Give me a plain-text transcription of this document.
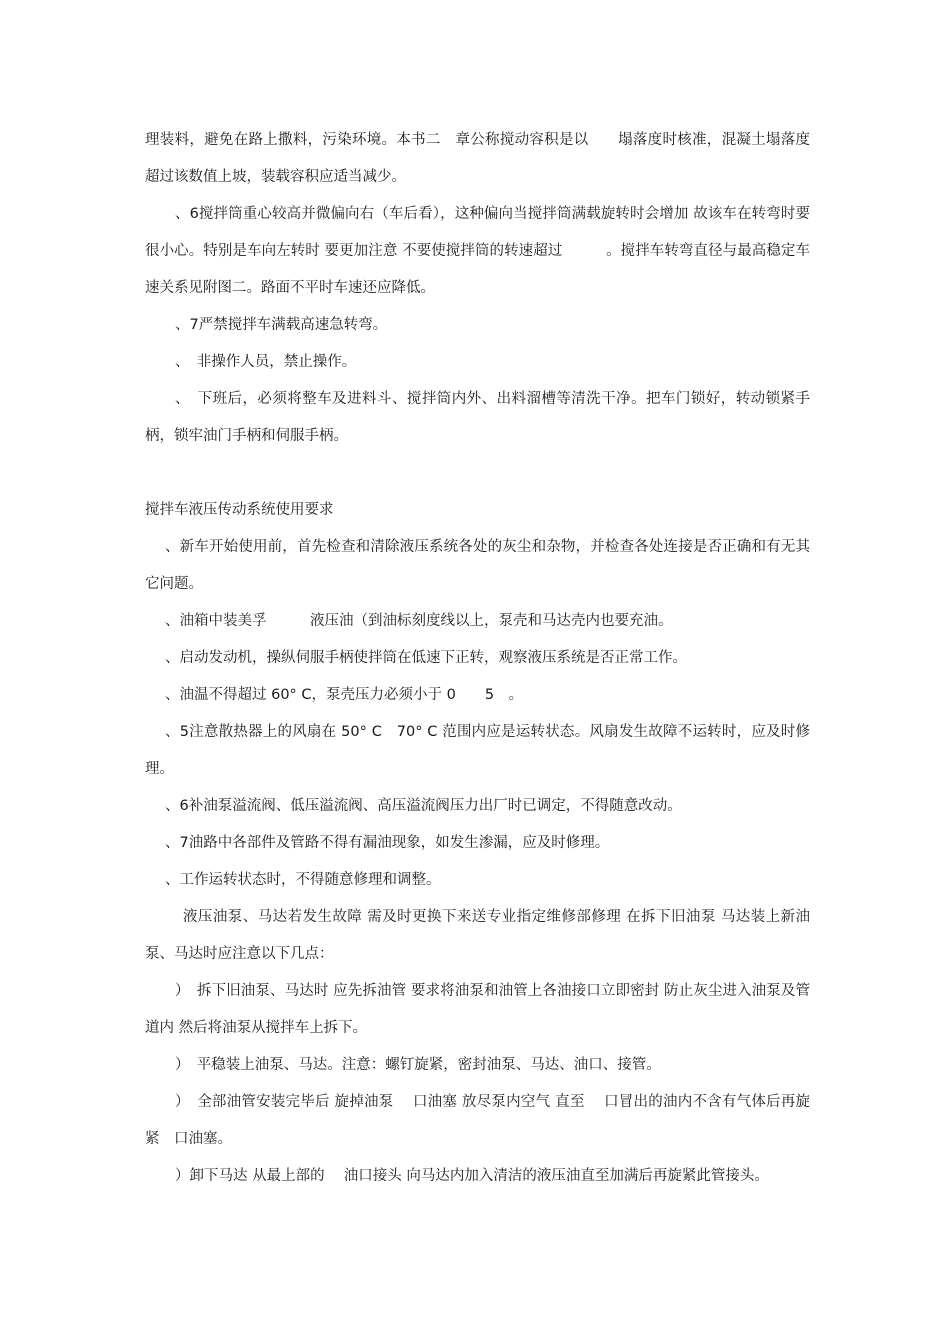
理装料，避免在路上撒料，污染环境。本书二　章公称搅动容积是以　　塌落度时核准，混凝土塌落度超过该数值上坡，装载容积应适当减少。

、6搅拌筒重心较高并微偏向右（车后看），这种偏向当搅拌筒满载旋转时会增加 故该车在转弯时要很小心。特别是车向左转时 要更加注意 不要使搅拌筒的转速超过　　　。搅拌车转弯直径与最高稳定车速关系见附图二。路面不平时车速还应降低。

、7严禁搅拌车满载高速急转弯。

、　非操作人员，禁止操作。

、　下班后，必须将整车及进料斗、搅拌筒内外、出料溜槽等清洗干净。把车门锁好，转动锁紧手柄，锁牢油门手柄和伺服手柄。

搅拌车液压传动系统使用要求

、新车开始使用前，首先检查和清除液压系统各处的灰尘和杂物，并检查各处连接是否正确和有无其它问题。

、油箱中装美孚　　　液压油（到油标刻度线以上，泵壳和马达壳内也要充油。

、启动发动机，操纵伺服手柄使拌筒在低速下正转，观察液压系统是否正常工作。

、油温不得超过 60° C，泵壳压力必须小于 0　　5　。

、5注意散热器上的风扇在 50° C　70° C 范围内应是运转状态。风扇发生故障不运转时，应及时修理。

、6补油泵溢流阀、低压溢流阀、高压溢流阀压力出厂时已调定，不得随意改动。

、7油路中各部件及管路不得有漏油现象，如发生渗漏，应及时修理。

、工作运转状态时，不得随意修理和调整。

液压油泵、马达若发生故障 需及时更换下来送专业指定维修部修理 在拆下旧油泵 马达装上新油泵、马达时应注意以下几点：

）　拆下旧油泵、马达时 应先拆油管 要求将油泵和油管上各油接口立即密封 防止灰尘进入油泵及管道内 然后将油泵从搅拌车上拆下。

）　平稳装上油泵、马达。注意：螺钉旋紧，密封油泵、马达、油口、接管。

）　全部油管安装完毕后 旋掉油泵　 口油塞 放尽泵内空气 直至　 口冒出的油内不含有气体后再旋紧　口油塞。

）卸下马达 从最上部的　 油口接头 向马达内加入清洁的液压油直至加满后再旋紧此管接头。
